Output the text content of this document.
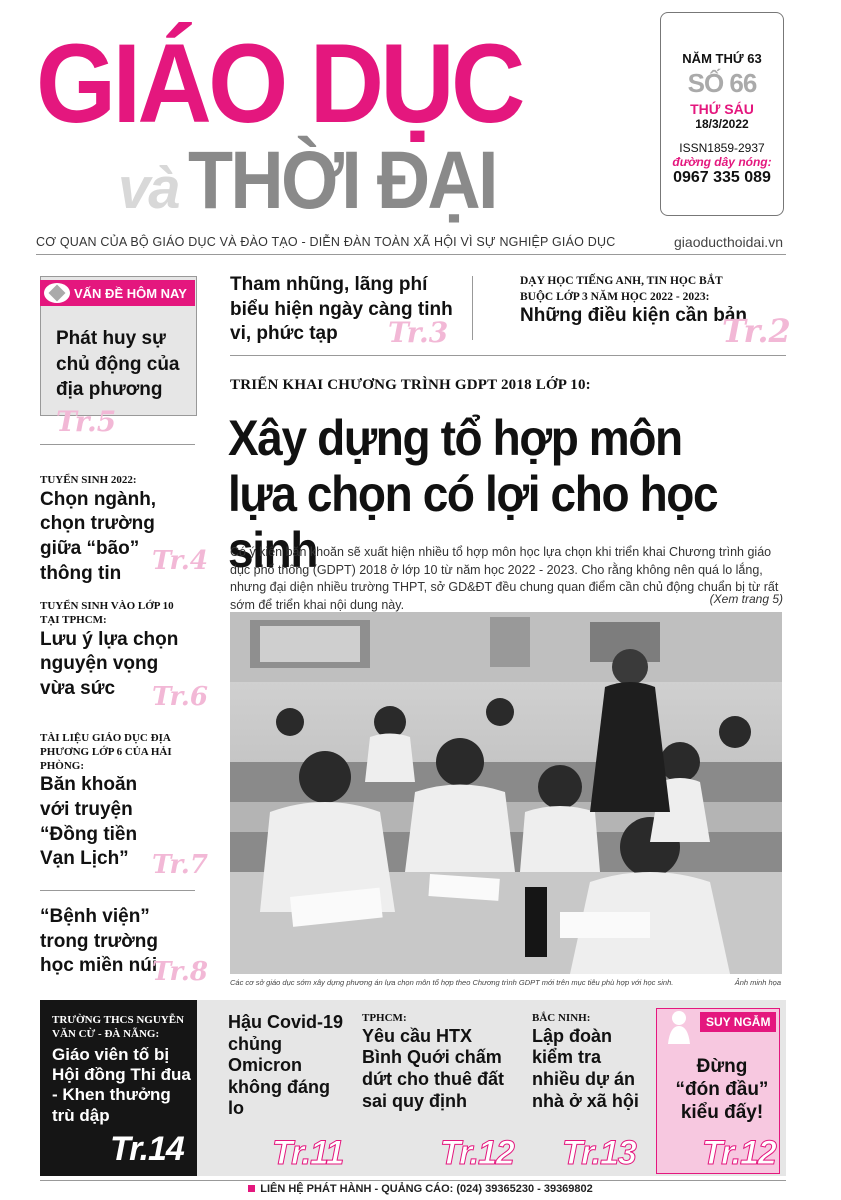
GIÁO DỤC
và THỜI ĐẠI
NĂM THỨ 63
SỐ 66
THỨ SÁU
18/3/2022
ISSN1859-2937
đường dây nóng:
0967 335 089
CƠ QUAN CỦA BỘ GIÁO DỤC VÀ ĐÀO TẠO - DIỄN ĐÀN TOÀN XÃ HỘI VÌ SỰ NGHIỆP GIÁO DỤC	giaoducthoidai.vn
VẤN ĐỀ HÔM NAY
Phát huy sự chủ động của địa phương Tr.5
TUYỂN SINH 2022:
Chọn ngành, chọn trường giữa “bão” thông tin	Tr.4
TUYỂN SINH VÀO LỚP 10 TẠI TPHCM:
Lưu ý lựa chọn nguyện vọng vừa sức	Tr.6
TÀI LIỆU GIÁO DỤC ĐỊA PHƯƠNG LỚP 6 CỦA HẢI PHÒNG:
Băn khoăn với truyện “Đồng tiền Vạn Lịch” Tr.7
“Bệnh viện” trong trường học miền núi
Tr.8
Tham nhũng, lãng phí biểu hiện ngày càng tinh vi, phức tạp Tr.3
DẠY HỌC TIẾNG ANH, TIN HỌC BẮT BUỘC LỚP 3 NĂM HỌC 2022 - 2023:
Những điều kiện cần bản
Tr.2
TRIỂN KHAI CHƯƠNG TRÌNH GDPT 2018 LỚP 10:
Xây dựng tổ hợp môn
lựa chọn có lợi cho học sinh
Có ý kiến băn khoăn sẽ xuất hiện nhiều tổ hợp môn học lựa chọn khi triển khai Chương trình giáo dục phổ thông (GDPT) 2018 ở lớp 10 từ năm học 2022 - 2023. Cho rằng không nên quá lo lắng, nhưng đại diện nhiều trường THPT, sở GD&ĐT đều chung quan điểm cần chủ động chuẩn bị từ rất sớm để triển khai nội dung này.	(Xem trang 5)
Các cơ sở giáo dục sớm xây dựng phương án lựa chọn môn tổ hợp theo Chương trình GDPT mới trên mục tiêu phù hợp với học sinh.	Ảnh minh họa
TRƯỜNG THCS NGUYỄN VĂN CỪ - ĐÀ NẴNG:
Giáo viên tố bị Hội đồng Thi đua - Khen thưởng trù dập
Tr.14
Hậu Covid-19 chủng Omicron không đáng lo
Tr.11
TPHCM:
Yêu cầu HTX Bình Quới chấm dứt cho thuê đất sai quy định
Tr.12
BẮC NINH:
Lập đoàn kiểm tra nhiều dự án nhà ở xã hội
Tr.13
SUY NGẪM
Đừng “đón đầu” kiểu đấy!
Tr.12
LIÊN HỆ PHÁT HÀNH - QUẢNG CÁO: (024) 39365230 - 39369802
